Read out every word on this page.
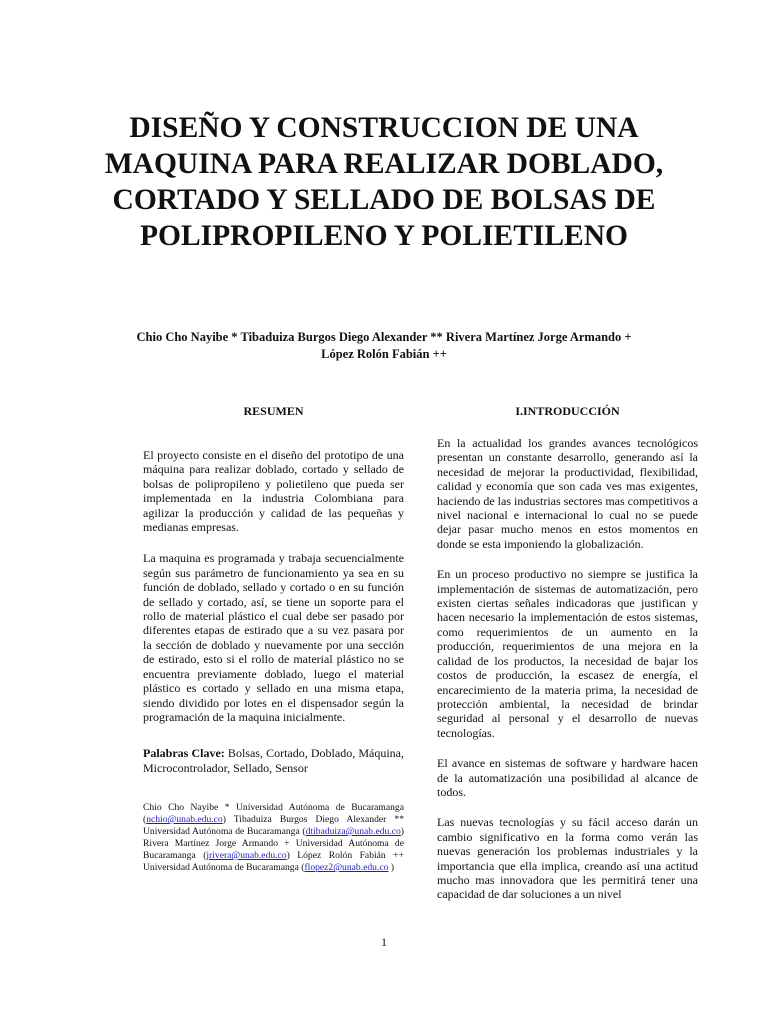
DISEÑO Y CONSTRUCCION DE UNA MAQUINA PARA REALIZAR DOBLADO, CORTADO Y SELLADO DE BOLSAS DE POLIPROPILENO Y POLIETILENO
Chio Cho Nayibe * Tibaduiza Burgos Diego Alexander ** Rivera Martínez Jorge Armando +
López Rolón Fabián ++
RESUMEN

El proyecto consiste en el diseño del prototipo de una máquina para realizar doblado, cortado y sellado de bolsas de polipropileno y polietileno que pueda ser implementada en la industria Colombiana para agilizar la producción y calidad de las pequeñas y medianas empresas.

La maquina es programada y trabaja secuencialmente según sus parámetro de funcionamiento ya sea en su función de doblado, sellado y cortado o en su función de sellado y cortado, así, se tiene un soporte para el rollo de material plástico el cual debe ser pasado por diferentes etapas de estirado que a su vez pasara por la sección de doblado y nuevamente por una sección de estirado, esto si el rollo de material plástico no se encuentra previamente doblado, luego el material plástico es cortado y sellado en una misma etapa, siendo dividido por lotes en el dispensador según la programación de la maquina inicialmente.

Palabras Clave: Bolsas, Cortado, Doblado, Máquina, Microcontrolador, Sellado, Sensor

Chio Cho Nayibe * Universidad Autónoma de Bucaramanga (nchio@unab.edu.co) Tibaduiza Burgos Diego Alexander ** Universidad Autónoma de Bucaramanga (dtibaduiza@unab.edu.co) Rivera Martínez Jorge Armando + Universidad Autónoma de Bucaramanga (jrivera@unab.edu.co) López Rolón Fabián ++ Universidad Autónoma de Bucaramanga (flopez2@unab.edu.co )

I.INTRODUCCIÓN

En la actualidad los grandes avances tecnológicos presentan un constante desarrollo, generando así la necesidad de mejorar la productividad, flexibilidad, calidad y economía que son cada ves mas exigentes, haciendo de las industrias sectores mas competitivos a nivel nacional e internacional lo cual no se puede dejar pasar mucho menos en estos momentos en donde se esta imponiendo la globalización.

En un proceso productivo no siempre se justifica la implementación de sistemas de automatización, pero existen ciertas señales indicadoras que justifican y hacen necesario la implementación de estos sistemas, como requerimientos de un aumento en la producción, requerimientos de una mejora en la calidad de los productos, la necesidad de bajar los costos de producción, la escasez de energía, el encarecimiento de la materia prima, la necesidad de protección ambiental, la necesidad de brindar seguridad al personal y el desarrollo de nuevas tecnologías.

El avance en sistemas de software y hardware hacen de la automatización una posibilidad al alcance de todos.

Las nuevas tecnologías y su fácil acceso darán un cambio significativo en la forma como verán las nuevas generación los problemas industriales y la importancia que ella implica, creando así una actitud mucho mas innovadora que les permitirá tener una capacidad de dar soluciones a un nivel

1
